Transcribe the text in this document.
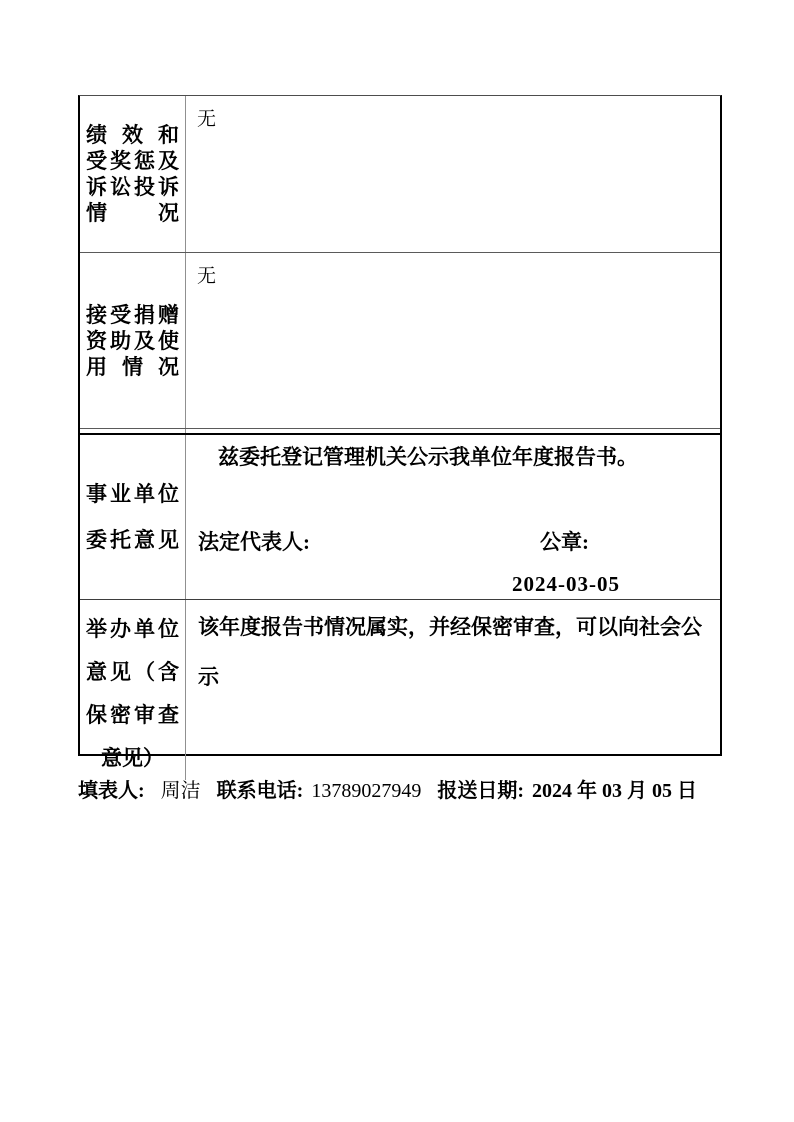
绩效和
受奖惩及
诉讼投诉
情况
无
接受捐赠
资助及使
用情况
无
事业单位
委托意见
兹委托登记管理机关公示我单位年度报告书。
法定代表人:	公章:
2024-03-05
举办单位
意见（含
保密审查
意见）
该年度报告书情况属实，并经保密审查，可以向社会公示
填表人: 周洁 联系电话: 13789027949 报送日期: 2024 年 03 月 05 日
